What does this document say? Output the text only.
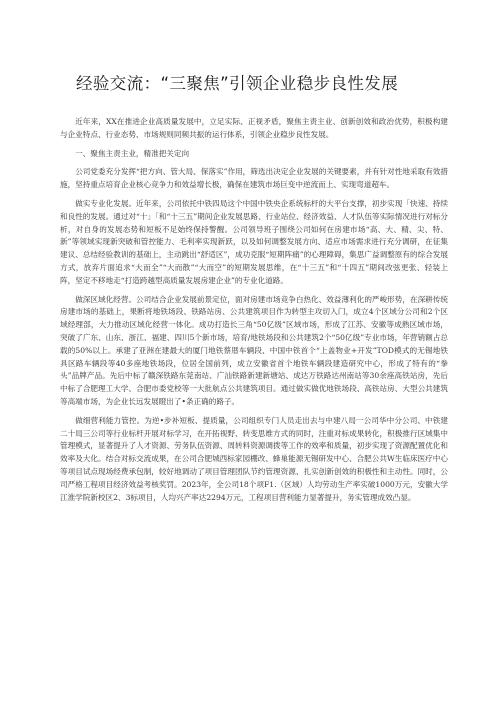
经验交流：“三聚焦”引领企业稳步良性发展

近年来，XX在推进企业高质量发展中，立足实际、正视矛盾，聚焦主责主业、创新创效和政治优势，积极构建与企业特点、行业态势、市场规则同频共振的运行体系，引领企业稳步良性发展。

一、聚焦主责主业，精准把关定向

公司党委充分发挥“把方向、管大局、保落实”作用，筛选出决定企业发展的关键要素，并有针对性地采取有效措施，坚持重点培育企业核心竞争力和效益增长极，确保在建筑市场巨变中逆流而上、实现弯道超车。

做实专业化发展。近年来，公司依托中铁四局这个中国中铁央企系统标杆的大平台支撑，初步实现「快速、持续和良性的发展。通过对“十」「和“十三五”期间企业发展思路、行业站位、经济效益、人才队伍等实际情况进行对标分析，对自身的发展态势和短板不足始终保持警醒。公司领导班子围绕公司如何在房建市场“高、大、精、尖、特、新”等领域实现新突破和管控能力、毛利率实现新跃，以及如何调整发展方向、适应市场需求进行充分调研，在征集建议、总结经验教训的基础上，主动跳出“舒适区”，成功克服“短期阵痛”的心理障碍，集思广益调整原有的综合发展方式，放弃片面追求“大而全”“大而散”“大而空”的短期发展思维，在“十三五”和“十四五”期间改弦更张、轻装上阵，坚定不移地走“打造跨越型高质量发展房建企业”的专业化道路。

做深区域化经营。公司结合企业发展前景定位，面对房建市场竞争白热化、效益薄利化的严峻形势，在深耕传统房建市场的基础上，果断将地铁场段、铁路站房、公共建筑项目作为转型主攻切入门，成立4个区域分公司和2个区域经理部，大力推动区域化经营一体化。成功打造长三角“50亿级”区域市场，形成了江苏、安徽等成熟区域市场，突破了广东、山东、浙江、福建、四川5个新市场，培育/地铁场段和公共建筑2个“50亿级”专业市场，年营销额占总载的50%以上。承建了亚洲在建最大的厦门地铁蔡厝车辆段、中国中铁首个“上盖物业+开发”TOD模式的无锡地铁具区路车辆段等40多座地铁场段，位居全国前列，成立安徽省首个地铁车辆段建造研究中心，形成了特有的“拳头”品牌产品。先后中标了赣深铁路东莞南站、广汕铁路新建新塘站、成达万铁路达州南站等30余座高铁站房，先后中标了合肥理工大学、合肥市委党校等一大批航点公共建筑项目。通过做实做优地铁场段、高铁站房、大型公共建筑等高端市场，为企业长远发展瞪出了•条正确的路子。

做细营利能力管控。为逆•步补短板、提质量，公司组织专门人员走出去与中建八局一公司华中分公司、中铁建二十局三公司等行业标杆开展对标学习，在开拓视野、转变思维方式的同时，注重对标成果转化，积极推行区域集中管理模式，显著提升了人才资源、劳务队伍资源、周转料资源调拨等工作的效率和质量，初步实现了资源配置优化和效率及大化。结合对标交流成果，在公司合肥城西标家园棚改、蜂巢能源无锡研发中心、合肥公共W生临床医疗中心等项目试点现场经费承包制，较好地调动了项目管理团队节约管理资源、扎实创新创效的积极性和主动性。同时，公司严格工程项目经济效益考核奖罚。2023年，全公司18个项F1.（区域）人均劳动生产率实破1000万元，安徽大学江淮学院新校区2、3标项目，人均兴产率达2294万元，工程项目营利能力显著提升，务实管理成效凸显。
